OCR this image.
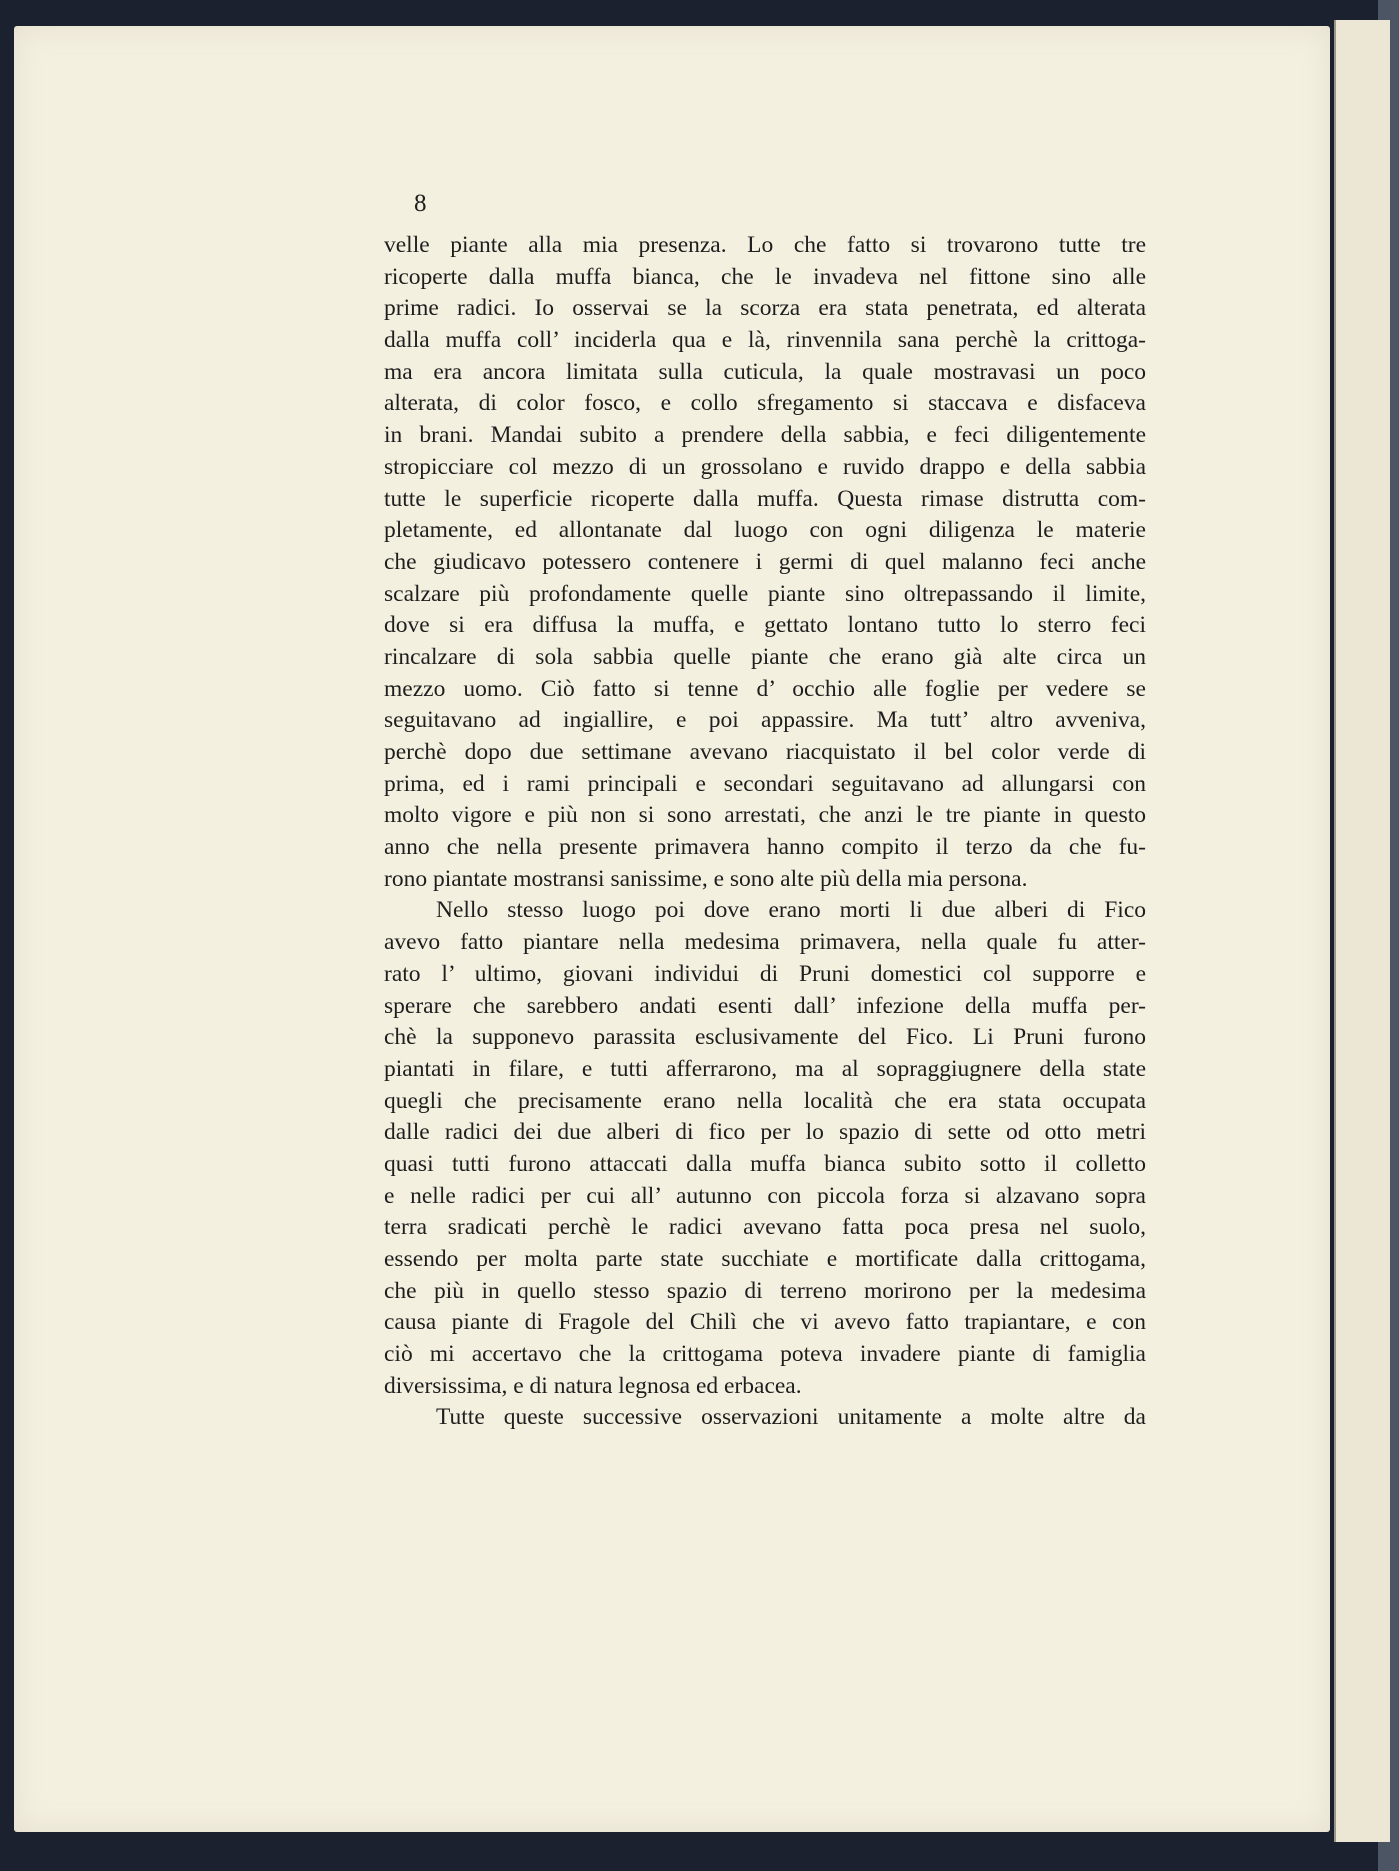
8
velle piante alla mia presenza. Lo che fatto si trovarono tutte tre
ricoperte dalla muffa bianca, che le invadeva nel fittone sino alle
prime radici. Io osservai se la scorza era stata penetrata, ed alterata
dalla muffa coll’ inciderla qua e là, rinvennila sana perchè la crittoga-
ma era ancora limitata sulla cuticula, la quale mostravasi un poco
alterata, di color fosco, e collo sfregamento si staccava e disfaceva
in brani. Mandai subito a prendere della sabbia, e feci diligentemente
stropicciare col mezzo di un grossolano e ruvido drappo e della sabbia
tutte le superficie ricoperte dalla muffa. Questa rimase distrutta com-
pletamente, ed allontanate dal luogo con ogni diligenza le materie
che giudicavo potessero contenere i germi di quel malanno feci anche
scalzare più profondamente quelle piante sino oltrepassando il limite,
dove si era diffusa la muffa, e gettato lontano tutto lo sterro feci
rincalzare di sola sabbia quelle piante che erano già alte circa un
mezzo uomo. Ciò fatto si tenne d’ occhio alle foglie per vedere se
seguitavano ad ingiallire, e poi appassire. Ma tutt’ altro avveniva,
perchè dopo due settimane avevano riacquistato il bel color verde di
prima, ed i rami principali e secondari seguitavano ad allungarsi con
molto vigore e più non si sono arrestati, che anzi le tre piante in questo
anno che nella presente primavera hanno compito il terzo da che fu-
rono piantate mostransi sanissime, e sono alte più della mia persona.
Nello stesso luogo poi dove erano morti li due alberi di Fico
avevo fatto piantare nella medesima primavera, nella quale fu atter-
rato l’ ultimo, giovani individui di Pruni domestici col supporre e
sperare che sarebbero andati esenti dall’ infezione della muffa per-
chè la supponevo parassita esclusivamente del Fico. Li Pruni furono
piantati in filare, e tutti afferrarono, ma al sopraggiugnere della state
quegli che precisamente erano nella località che era stata occupata
dalle radici dei due alberi di fico per lo spazio di sette od otto metri
quasi tutti furono attaccati dalla muffa bianca subito sotto il colletto
e nelle radici per cui all’ autunno con piccola forza si alzavano sopra
terra sradicati perchè le radici avevano fatta poca presa nel suolo,
essendo per molta parte state succhiate e mortificate dalla crittogama,
che più in quello stesso spazio di terreno morirono per la medesima
causa piante di Fragole del Chilì che vi avevo fatto trapiantare, e con
ciò mi accertavo che la crittogama poteva invadere piante di famiglia
diversissima, e di natura legnosa ed erbacea.
Tutte queste successive osservazioni unitamente a molte altre da
